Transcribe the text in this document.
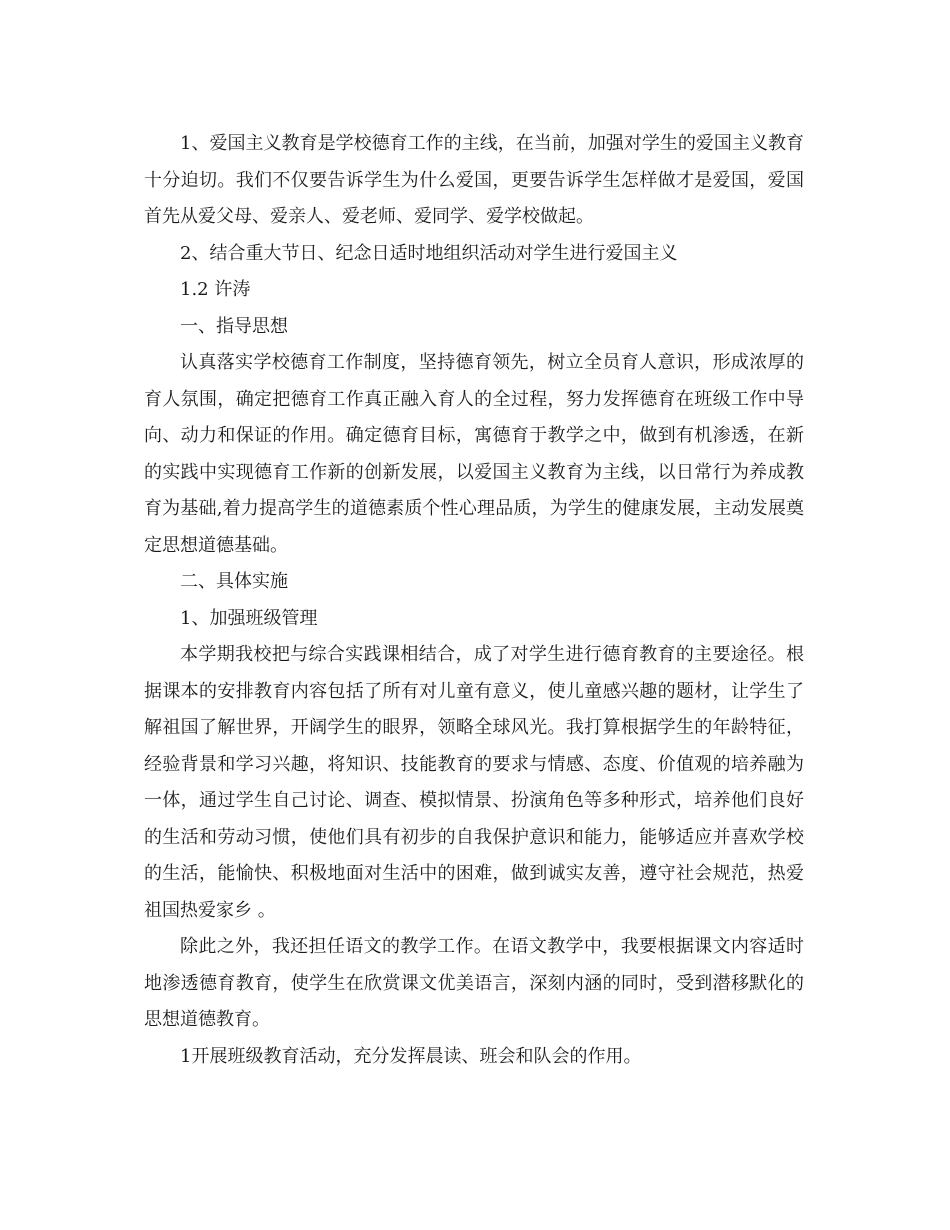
1、爱国主义教育是学校德育工作的主线，在当前，加强对学生的爱国主义教育十分迫切。我们不仅要告诉学生为什么爱国，更要告诉学生怎样做才是爱国，爱国首先从爱父母、爱亲人、爱老师、爱同学、爱学校做起。

2、结合重大节日、纪念日适时地组织活动对学生进行爱国主义

1.2 许涛

一、指导思想

认真落实学校德育工作制度，坚持德育领先，树立全员育人意识，形成浓厚的育人氛围，确定把德育工作真正融入育人的全过程，努力发挥德育在班级工作中导向、动力和保证的作用。确定德育目标，寓德育于教学之中，做到有机渗透，在新的实践中实现德育工作新的创新发展，以爱国主义教育为主线，以日常行为养成教育为基础,着力提高学生的道德素质个性心理品质，为学生的健康发展，主动发展奠定思想道德基础。

二、具体实施

1、加强班级管理

本学期我校把与综合实践课相结合，成了对学生进行德育教育的主要途径。根据课本的安排教育内容包括了所有对儿童有意义，使儿童感兴趣的题材，让学生了解祖国了解世界，开阔学生的眼界，领略全球风光。我打算根据学生的年龄特征，经验背景和学习兴趣，将知识、技能教育的要求与情感、态度、价值观的培养融为一体，通过学生自己讨论、调查、模拟情景、扮演角色等多种形式，培养他们良好的生活和劳动习惯，使他们具有初步的自我保护意识和能力，能够适应并喜欢学校的生活，能愉快、积极地面对生活中的困难，做到诚实友善，遵守社会规范，热爱祖国热爱家乡 。

除此之外，我还担任语文的教学工作。在语文教学中，我要根据课文内容适时地渗透德育教育，使学生在欣赏课文优美语言，深刻内涵的同时，受到潜移默化的思想道德教育。

1开展班级教育活动，充分发挥晨读、班会和队会的作用。
